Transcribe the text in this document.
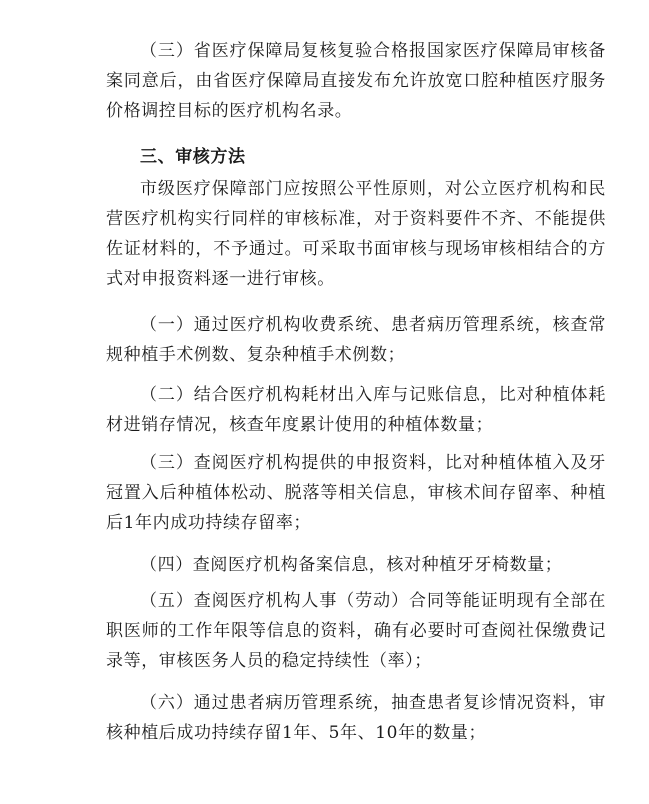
（三）省医疗保障局复核复验合格报国家医疗保障局审核备案同意后，由省医疗保障局直接发布允许放宽口腔种植医疗服务价格调控目标的医疗机构名录。

三、审核方法

市级医疗保障部门应按照公平性原则，对公立医疗机构和民营医疗机构实行同样的审核标准，对于资料要件不齐、不能提供佐证材料的，不予通过。可采取书面审核与现场审核相结合的方式对申报资料逐一进行审核。

（一）通过医疗机构收费系统、患者病历管理系统，核查常规种植手术例数、复杂种植手术例数；

（二）结合医疗机构耗材出入库与记账信息，比对种植体耗材进销存情况，核查年度累计使用的种植体数量；

（三）查阅医疗机构提供的申报资料，比对种植体植入及牙冠置入后种植体松动、脱落等相关信息，审核术间存留率、种植后1年内成功持续存留率；

（四）查阅医疗机构备案信息，核对种植牙牙椅数量；

（五）查阅医疗机构人事（劳动）合同等能证明现有全部在职医师的工作年限等信息的资料，确有必要时可查阅社保缴费记录等，审核医务人员的稳定持续性（率）；

（六）通过患者病历管理系统，抽查患者复诊情况资料，审核种植后成功持续存留1年、5年、10年的数量；
